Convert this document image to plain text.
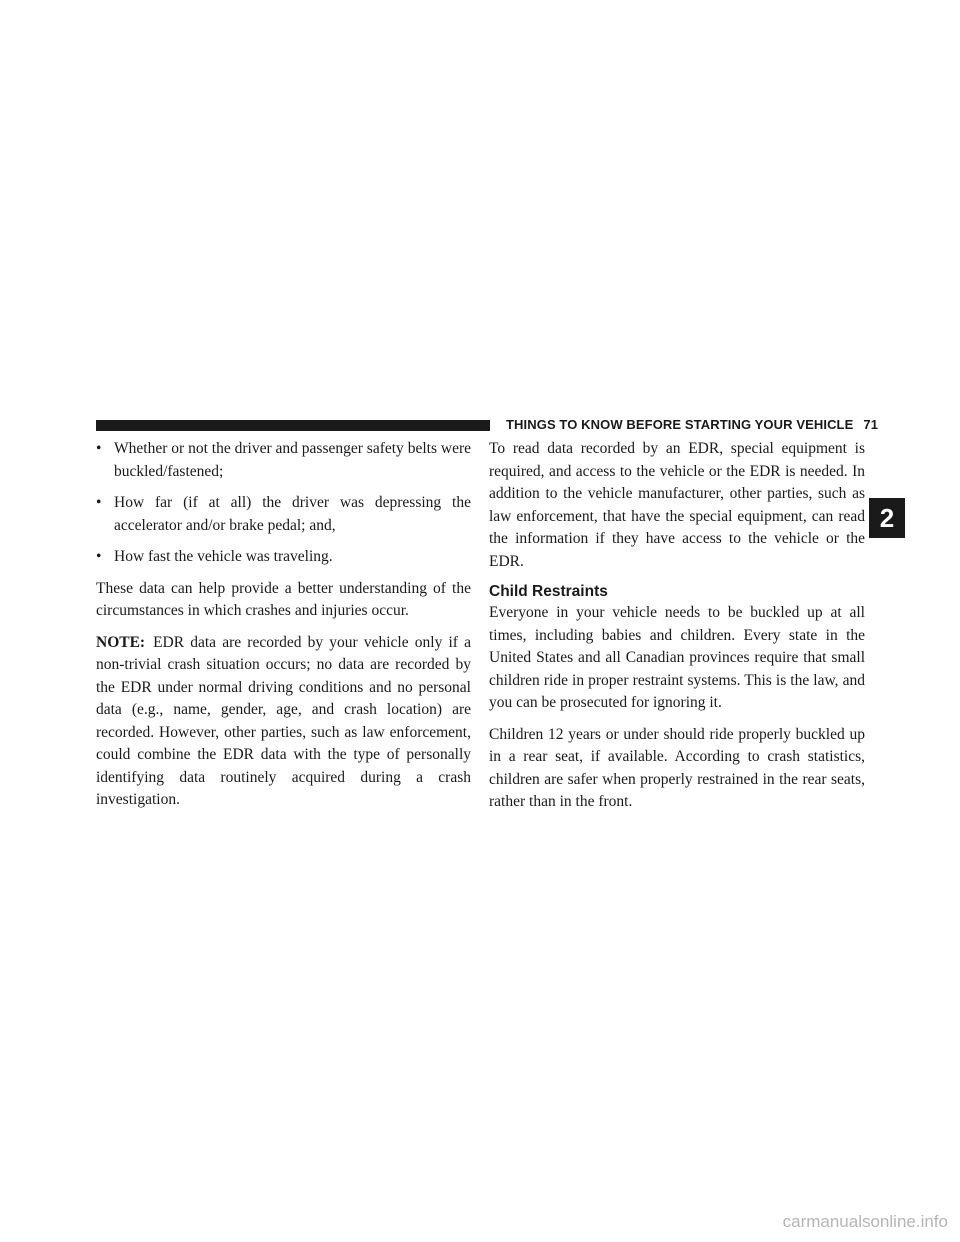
THINGS TO KNOW BEFORE STARTING YOUR VEHICLE 71
2
• Whether or not the driver and passenger safety belts were buckled/fastened;
• How far (if at all) the driver was depressing the accelerator and/or brake pedal; and,
• How fast the vehicle was traveling.

These data can help provide a better understanding of the circumstances in which crashes and injuries occur.

NOTE: EDR data are recorded by your vehicle only if a non-trivial crash situation occurs; no data are recorded by the EDR under normal driving conditions and no personal data (e.g., name, gender, age, and crash location) are recorded. However, other parties, such as law enforcement, could combine the EDR data with the type of personally identifying data routinely acquired during a crash investigation.

To read data recorded by an EDR, special equipment is required, and access to the vehicle or the EDR is needed. In addition to the vehicle manufacturer, other parties, such as law enforcement, that have the special equipment, can read the information if they have access to the vehicle or the EDR.

Child Restraints

Everyone in your vehicle needs to be buckled up at all times, including babies and children. Every state in the United States and all Canadian provinces require that small children ride in proper restraint systems. This is the law, and you can be prosecuted for ignoring it.

Children 12 years or under should ride properly buckled up in a rear seat, if available. According to crash statistics, children are safer when properly restrained in the rear seats, rather than in the front.

carmanualsonline.info
